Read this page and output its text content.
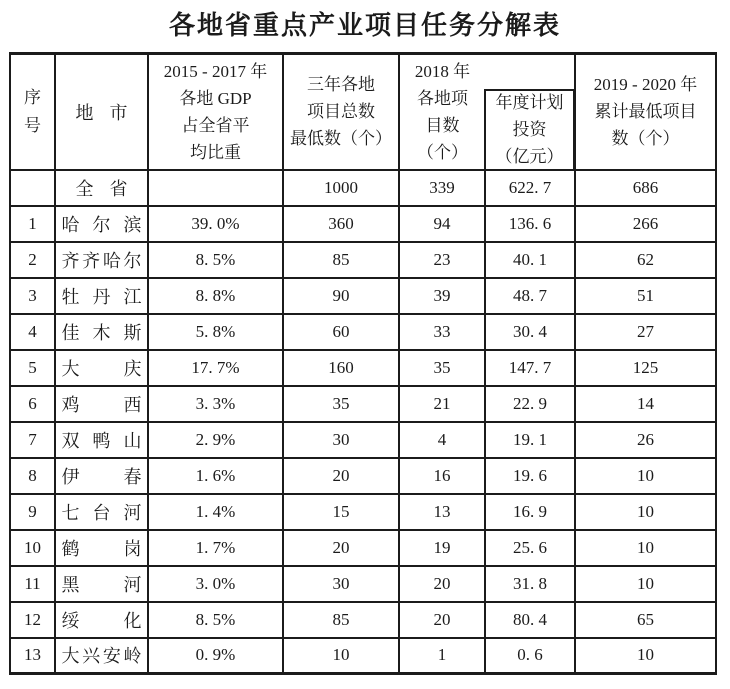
各地省重点产业项目任务分解表
序号	地市	
2015 - 2017 年
各地 GDP
占全省平
均比重

三年各地
项目总数
最低数（个）

2018 年
各地项
目数
（个）
年度计划
投资
（亿元）

2019 - 2020 年
累计最低项目
数（个）

	全省		1000	339	622. 7	686
1	哈尔滨	39. 0%	360	94	136. 6	266
2	齐齐哈尔	8. 5%	85	23	40. 1	62
3	牡丹江	8. 8%	90	39	48. 7	51
4	佳木斯	5. 8%	60	33	30. 4	27
5	大庆	17. 7%	160	35	147. 7	125
6	鸡西	3. 3%	35	21	22. 9	14
7	双鸭山	2. 9%	30	4	19. 1	26
8	伊春	1. 6%	20	16	19. 6	10
9	七台河	1. 4%	15	13	16. 9	10
10	鹤岗	1. 7%	20	19	25. 6	10
11	黑河	3. 0%	30	20	31. 8	10
12	绥化	8. 5%	85	20	80. 4	65
13	大兴安岭	0. 9%	10	1	0. 6	10
